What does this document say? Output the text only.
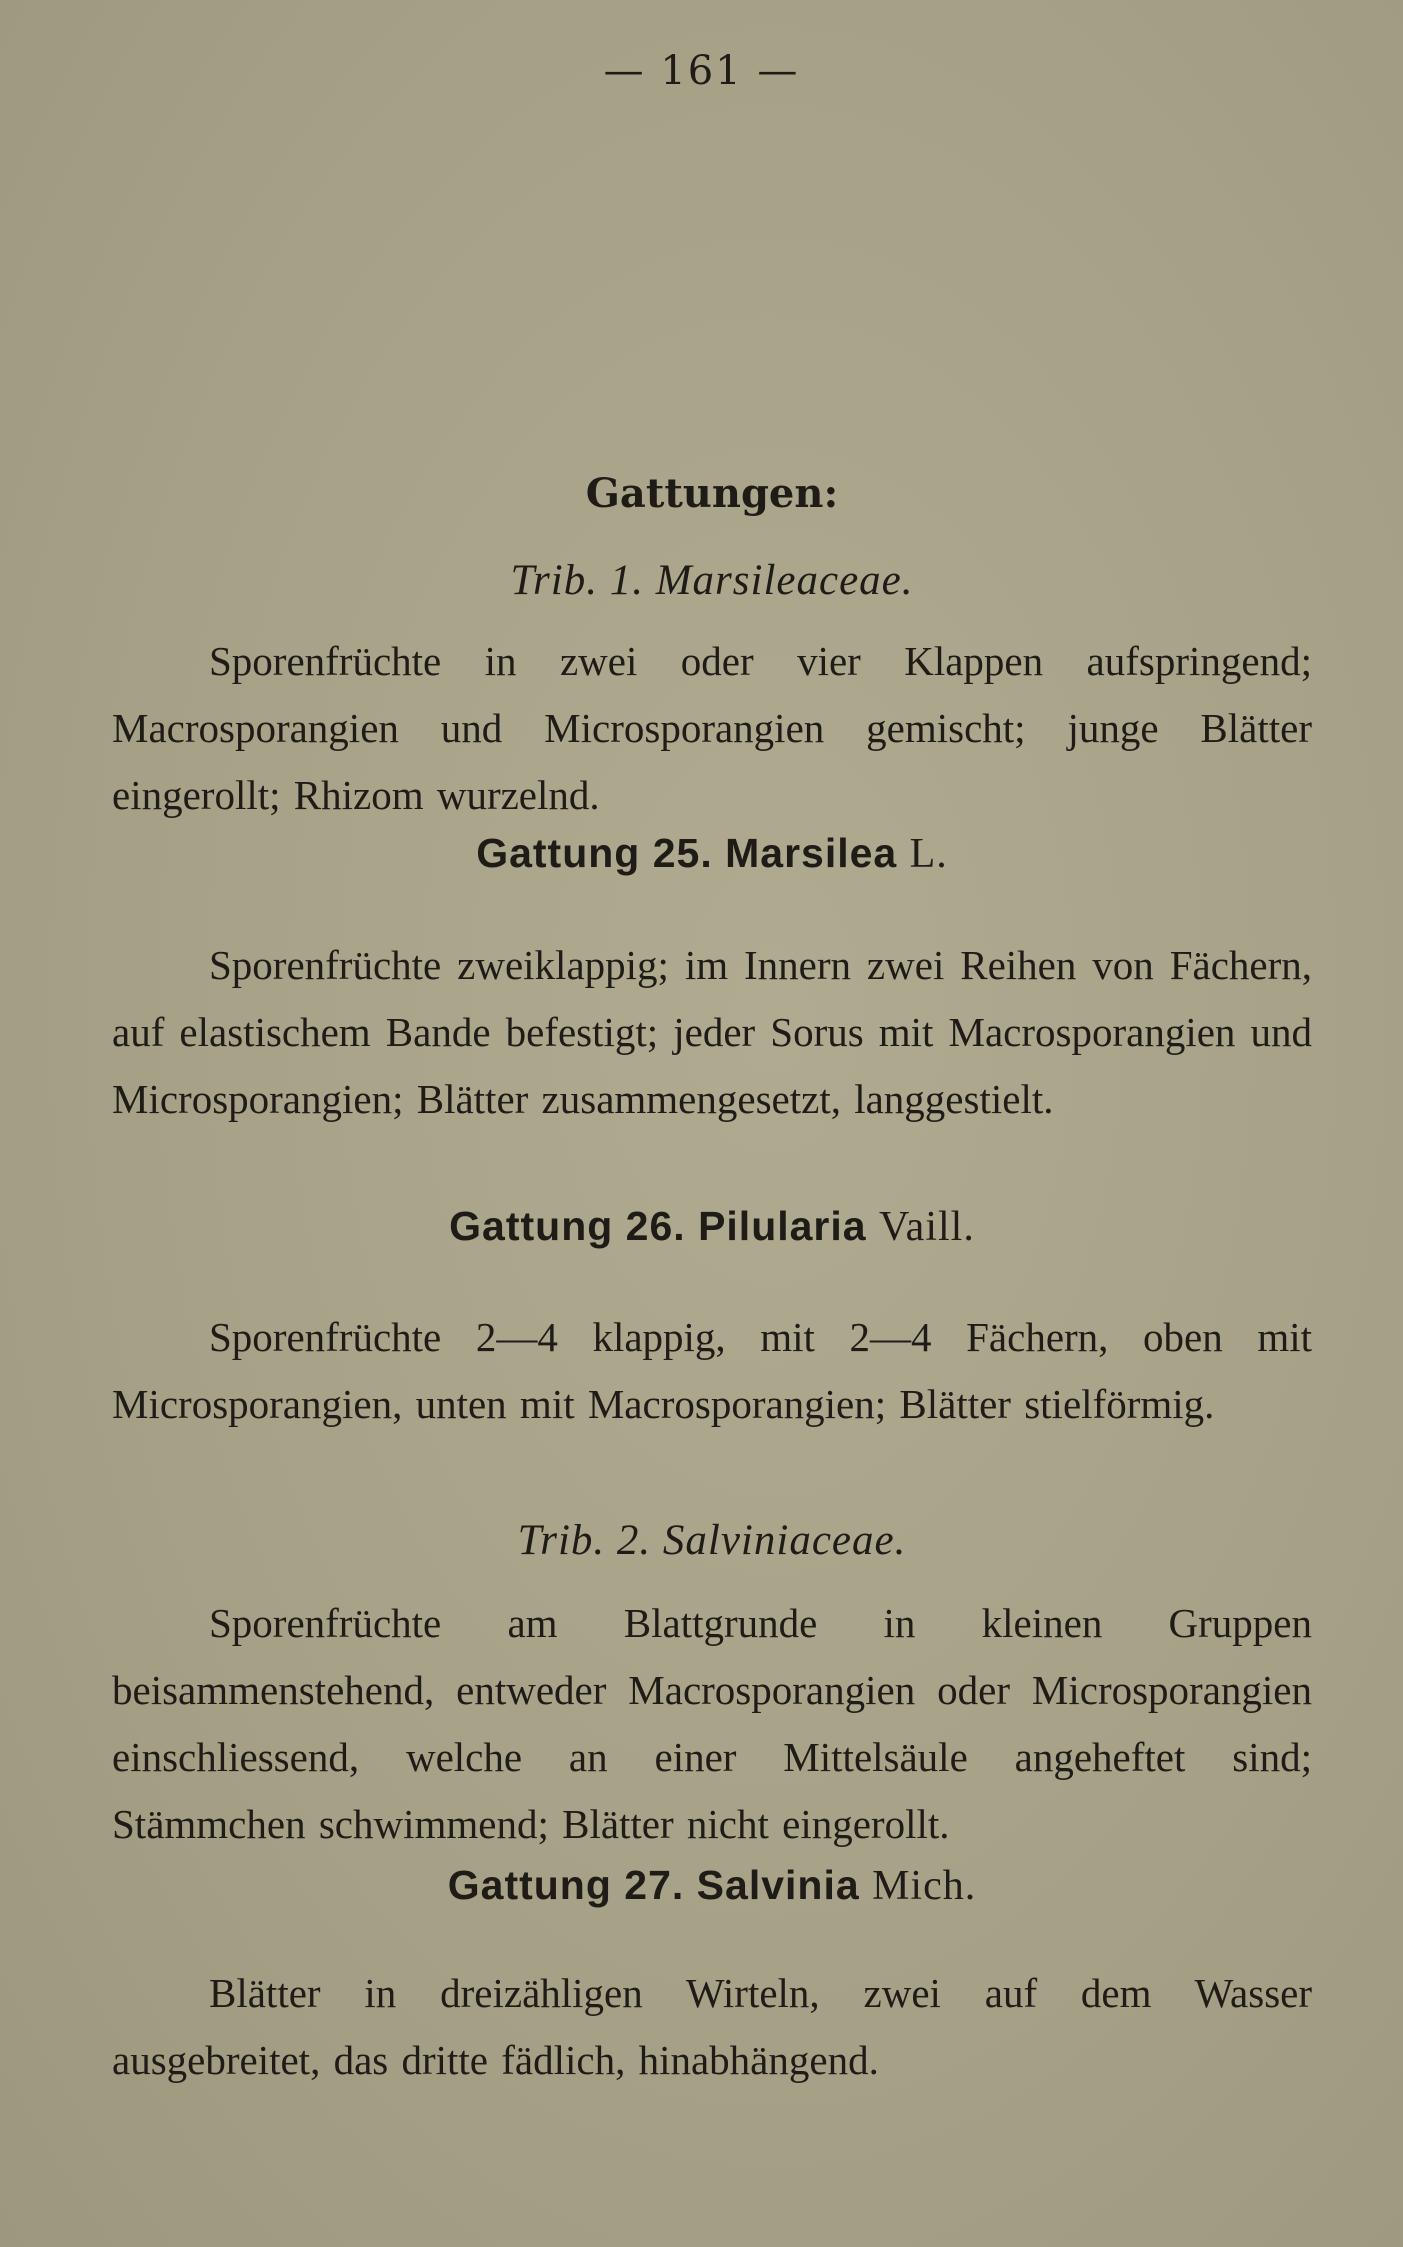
— 161 —
Gattungen:
Trib. 1. Marsileaceae.
Sporenfrüchte in zwei oder vier Klappen aufspringend; Macrosporangien und Microsporangien gemischt; junge Blätter eingerollt; Rhizom wurzelnd.
Gattung 25. Marsilea L.
Sporenfrüchte zweiklappig; im Innern zwei Reihen von Fächern, auf elastischem Bande befestigt; jeder Sorus mit Macrosporangien und Microsporangien; Blätter zusammengesetzt, langgestielt.
Gattung 26. Pilularia Vaill.
Sporenfrüchte 2—4 klappig, mit 2—4 Fächern, oben mit Microsporangien, unten mit Macrosporangien; Blätter stielförmig.
Trib. 2. Salviniaceae.
Sporenfrüchte am Blattgrunde in kleinen Gruppen beisammenstehend, entweder Macrosporangien oder Microsporangien einschliessend, welche an einer Mittelsäule angeheftet sind; Stämmchen schwimmend; Blätter nicht eingerollt.
Gattung 27. Salvinia Mich.
Blätter in dreizähligen Wirteln, zwei auf dem Wasser ausgebreitet, das dritte fädlich, hinabhängend.
